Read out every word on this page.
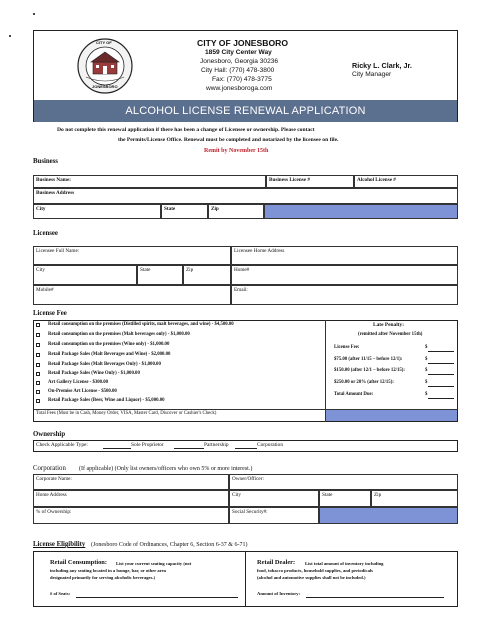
CITY OF
JONESBORO
CITY OF JONESBORO
1859 City Center Way
Jonesboro, Georgia 30236
City Hall: (770) 478-3800
Fax: (770) 478-3775
www.jonesboroga.com
Ricky L. Clark, Jr.
City Manager
ALCOHOL LICENSE RENEWAL APPLICATION
Do not complete this renewal application if there has been a change of Licensee or ownership. Please contact
the Permits/License Office. Renewal must be completed and notarized by the licensee on file.
Remit by November 15th
Business
Business Name:	Business License #	Alcohol License #
Business Address
City	State	Zip
Licensee
Licensee Full Name:	Licensee Home Address
City	State	Zip	Home#
Mobile#	Email:
License Fee
Retail consumption on the premises (Distilled spirits, malt beverages, and wine) - $4,500.00
Retail consumption on the premises (Malt beverages only) - $1,000.00
Retail consumption on the premises (Wine only) - $1,000.00
Retail Package Sales (Malt Beverages and Wine) - $2,000.00
Retail Package Sales (Malt Beverages Only) - $1,000.00
Retail Package Sales (Wine Only) - $1,000.00
Art Gallery License - $300.00
On-Premise Art License - $500.00
Retail Package Sales (Beer, Wine and Liquor) - $5,000.00
Total Fees (Must be in Cash, Money Order, VISA, Master Card, Discover or Cashier's Check)
Late Penalty:
(remitted after November 15th)
License Fee:	$
$75.00 (after 11/15 – before 12/1):	$
$150.00 (after 12/1 – before 12/15):	$
$250.00 or 20% (after 12/15):	$
Total Amount Due:	$
Ownership
Check Applicable Type:	Sole Proprietor	Partnership	Corporation
Corporation (If applicable) (Only list owners/officers who own 5% or more interest.)
Corporate Name:	Owner/Officer:
Home Address	City	State	Zip
% of Ownership:	Social Security#:
License Eligibility (Jonesboro Code of Ordinances, Chapter 6, Section 6-37 & 6-71)
Retail Consumption: List your current seating capacity (not
including any seating located in a lounge, bar, or other area
designated primarily for serving alcoholic beverages.)
# of Seats:
Retail Dealer: List total amount of inventory including
food, tobacco products, household supplies, and periodicals
(alcohol and automotive supplies shall not be included.)
Amount of Inventory:
